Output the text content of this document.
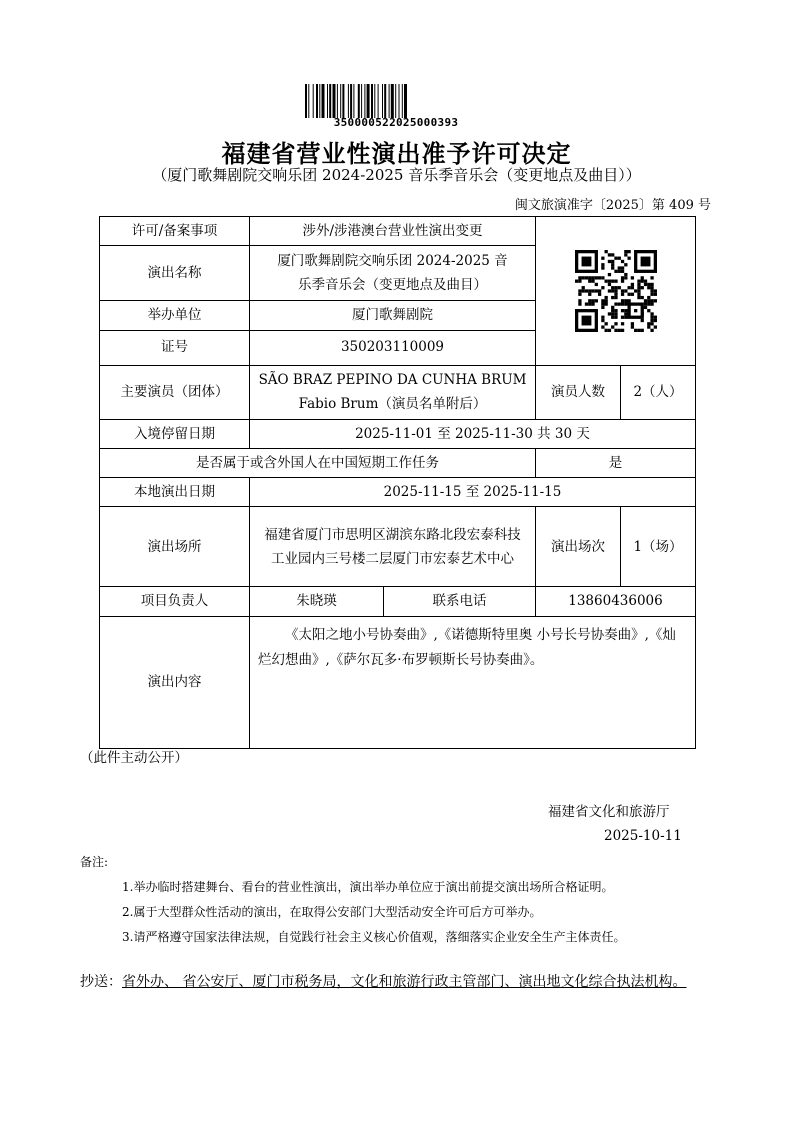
350000522025000393
福建省营业性演出准予许可决定
（厦门歌舞剧院交响乐团 2024-2025 音乐季音乐会（变更地点及曲目））
闽文旅演准字〔2025〕第 409 号
许可/备案事项	涉外/涉港澳台营业性演出变更	

演出名称	厦门歌舞剧院交响乐团 2024-2025 音乐季音乐会（变更地点及曲目）			
举办单位	厦门歌舞剧院			
证号	350203110009			
主要演员（团体）	SÃO BRAZ PEPINO DA CUNHA BRUM Fabio Brum（演员名单附后）		演员人数	2（人）
入境停留日期	2025-11-01 至 2025-11-30 共 30 天			
是否属于或含外国人在中国短期工作任务			是	
本地演出日期	2025-11-15 至 2025-11-15			
演出场所	福建省厦门市思明区湖滨东路北段宏泰科技工业园内三号楼二层厦门市宏泰艺术中心		演出场次	1（场）
项目负责人	朱晓瑛	联系电话	13860436006	
演出内容	《太阳之地小号协奏曲》,《诺德斯特里奥 小号长号协奏曲》,《灿烂幻想曲》,《萨尔瓦多·布罗顿斯长号协奏曲》。			
（此件主动公开）
福建省文化和旅游厅
2025-10-11
备注:
1.举办临时搭建舞台、看台的营业性演出，演出举办单位应于演出前提交演出场所合格证明。
2.属于大型群众性活动的演出，在取得公安部门大型活动安全许可后方可举办。
3.请严格遵守国家法律法规，自觉践行社会主义核心价值观，落细落实企业安全生产主体责任。
抄送：省外办、 省公安厅、厦门市税务局，文化和旅游行政主管部门、演出地文化综合执法机构。
